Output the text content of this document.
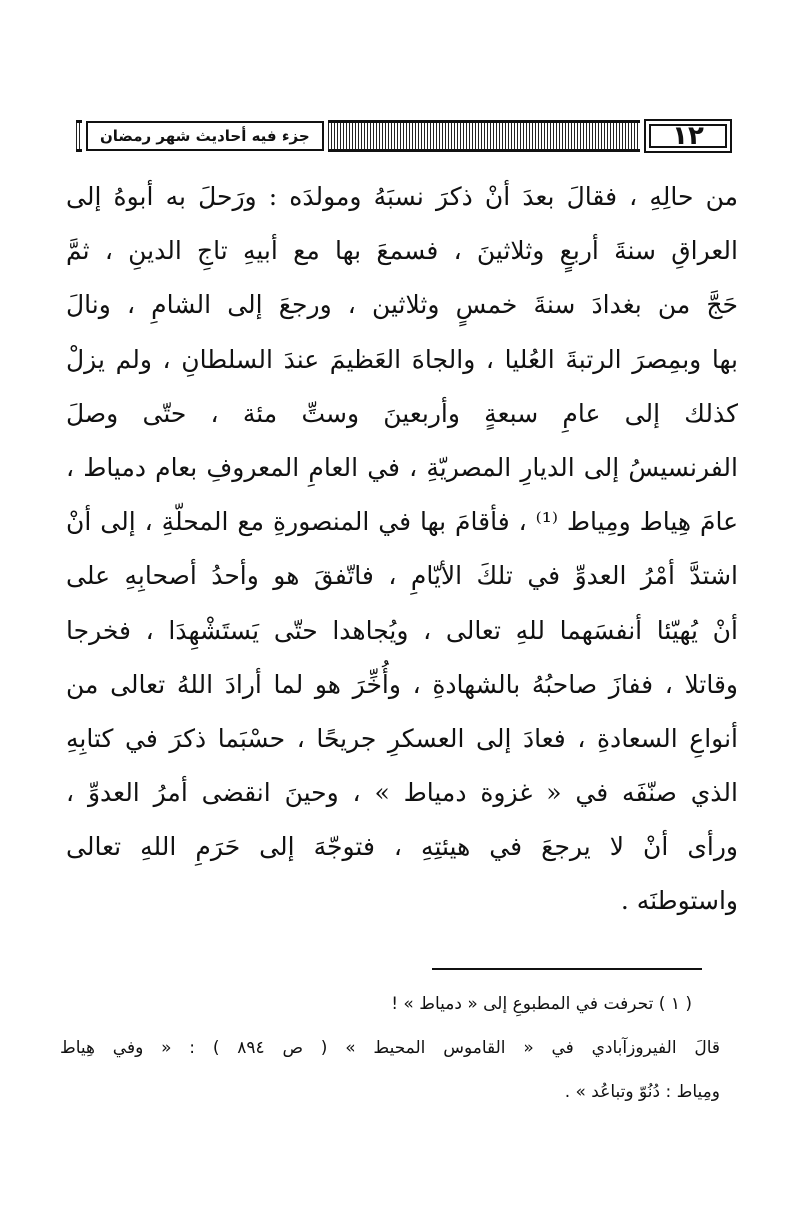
١٢
جزء فيه أحاديث شهر رمضان
من حالِهِ ، فقالَ بعدَ أنْ ذكرَ نسبَهُ ومولدَه : ورَحلَ به أبوهُ إلى
العراقِ سنةَ أربعٍ وثلاثينَ ، فسمعَ بها مع أبيهِ تاجِ الدينِ ، ثمَّ
حَجَّ من بغدادَ سنةَ خمسٍ وثلاثين ، ورجعَ إلى الشامِ ، ونالَ
بها وبمِصرَ الرتبةَ العُليا ، والجاهَ العَظيمَ عندَ السلطانِ ، ولم يزلْ
كذلك إلى عامِ سبعةٍ وأربعينَ وستِّ مئة ، حتّى وصلَ
الفرنسيسُ إلى الديارِ المصريّةِ ، في العامِ المعروفِ بعام دمياط ،
عامَ هِياط ومِياط ⁽¹⁾ ، فأقامَ بها في المنصورةِ مع المحلّةِ ، إلى أنْ
اشتدَّ أمْرُ العدوِّ في تلكَ الأيّامِ ، فاتّفقَ هو وأحدُ أصحابِهِ على
أنْ يُهيّئا أنفسَهما للهِ تعالى ، ويُجاهدا حتّى يَستَشْهِدَا ، فخرجا
وقاتلا ، ففازَ صاحبُهُ بالشهادةِ ، وأُخِّرَ هو لما أرادَ اللهُ تعالى من
أنواعِ السعادةِ ، فعادَ إلى العسكرِ جريحًا ، حسْبَما ذكرَ في كتابِهِ
الذي صنّفَه في « غزوة دمياط » ، وحينَ انقضى أمرُ العدوِّ ،
ورأى أنْ لا يرجعَ في هيئتِهِ ، فتوجّهَ إلى حَرَمِ اللهِ تعالى
واستوطنَه .
( ١ ) تحرفت في المطبوعِ إلى « دمياط » !
قالَ الفيروزآبادي في « القاموس المحيط » ( ص ٨٩٤ ) : « وفي هِياط
ومِياط : دُنُوّ وتباعُد » .
